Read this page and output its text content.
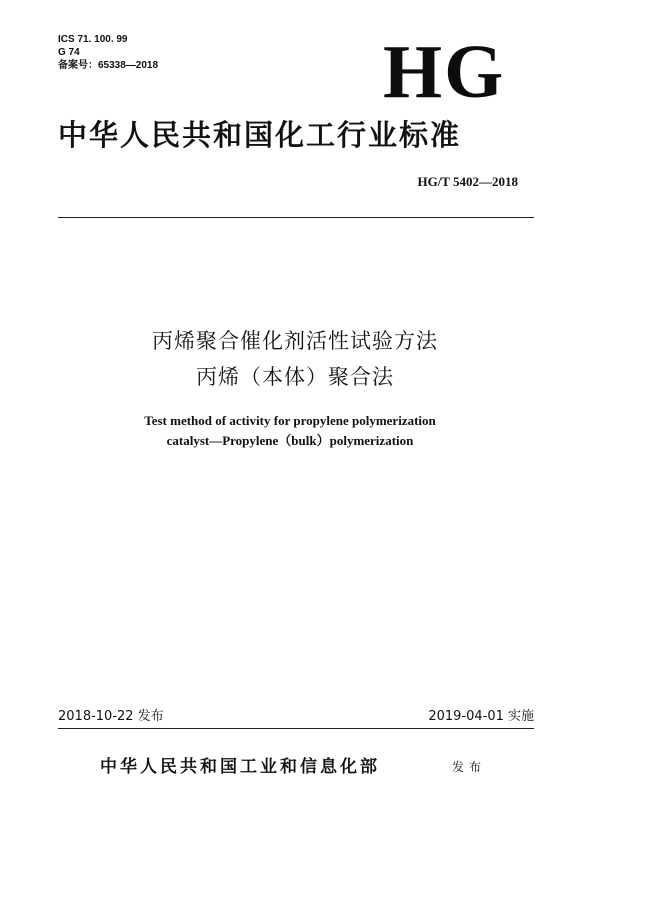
ICS 71. 100. 99
G 74
备案号：65338—2018	HG
中华人民共和国化工行业标准
HG/T 5402—2018
丙烯聚合催化剂活性试验方法
丙烯（本体）聚合法
Test method of activity for propylene polymerization
catalyst—Propylene（bulk）polymerization
2018-10-22 发布	2019-04-01 实施
中华人民共和国工业和信息化部	发布
